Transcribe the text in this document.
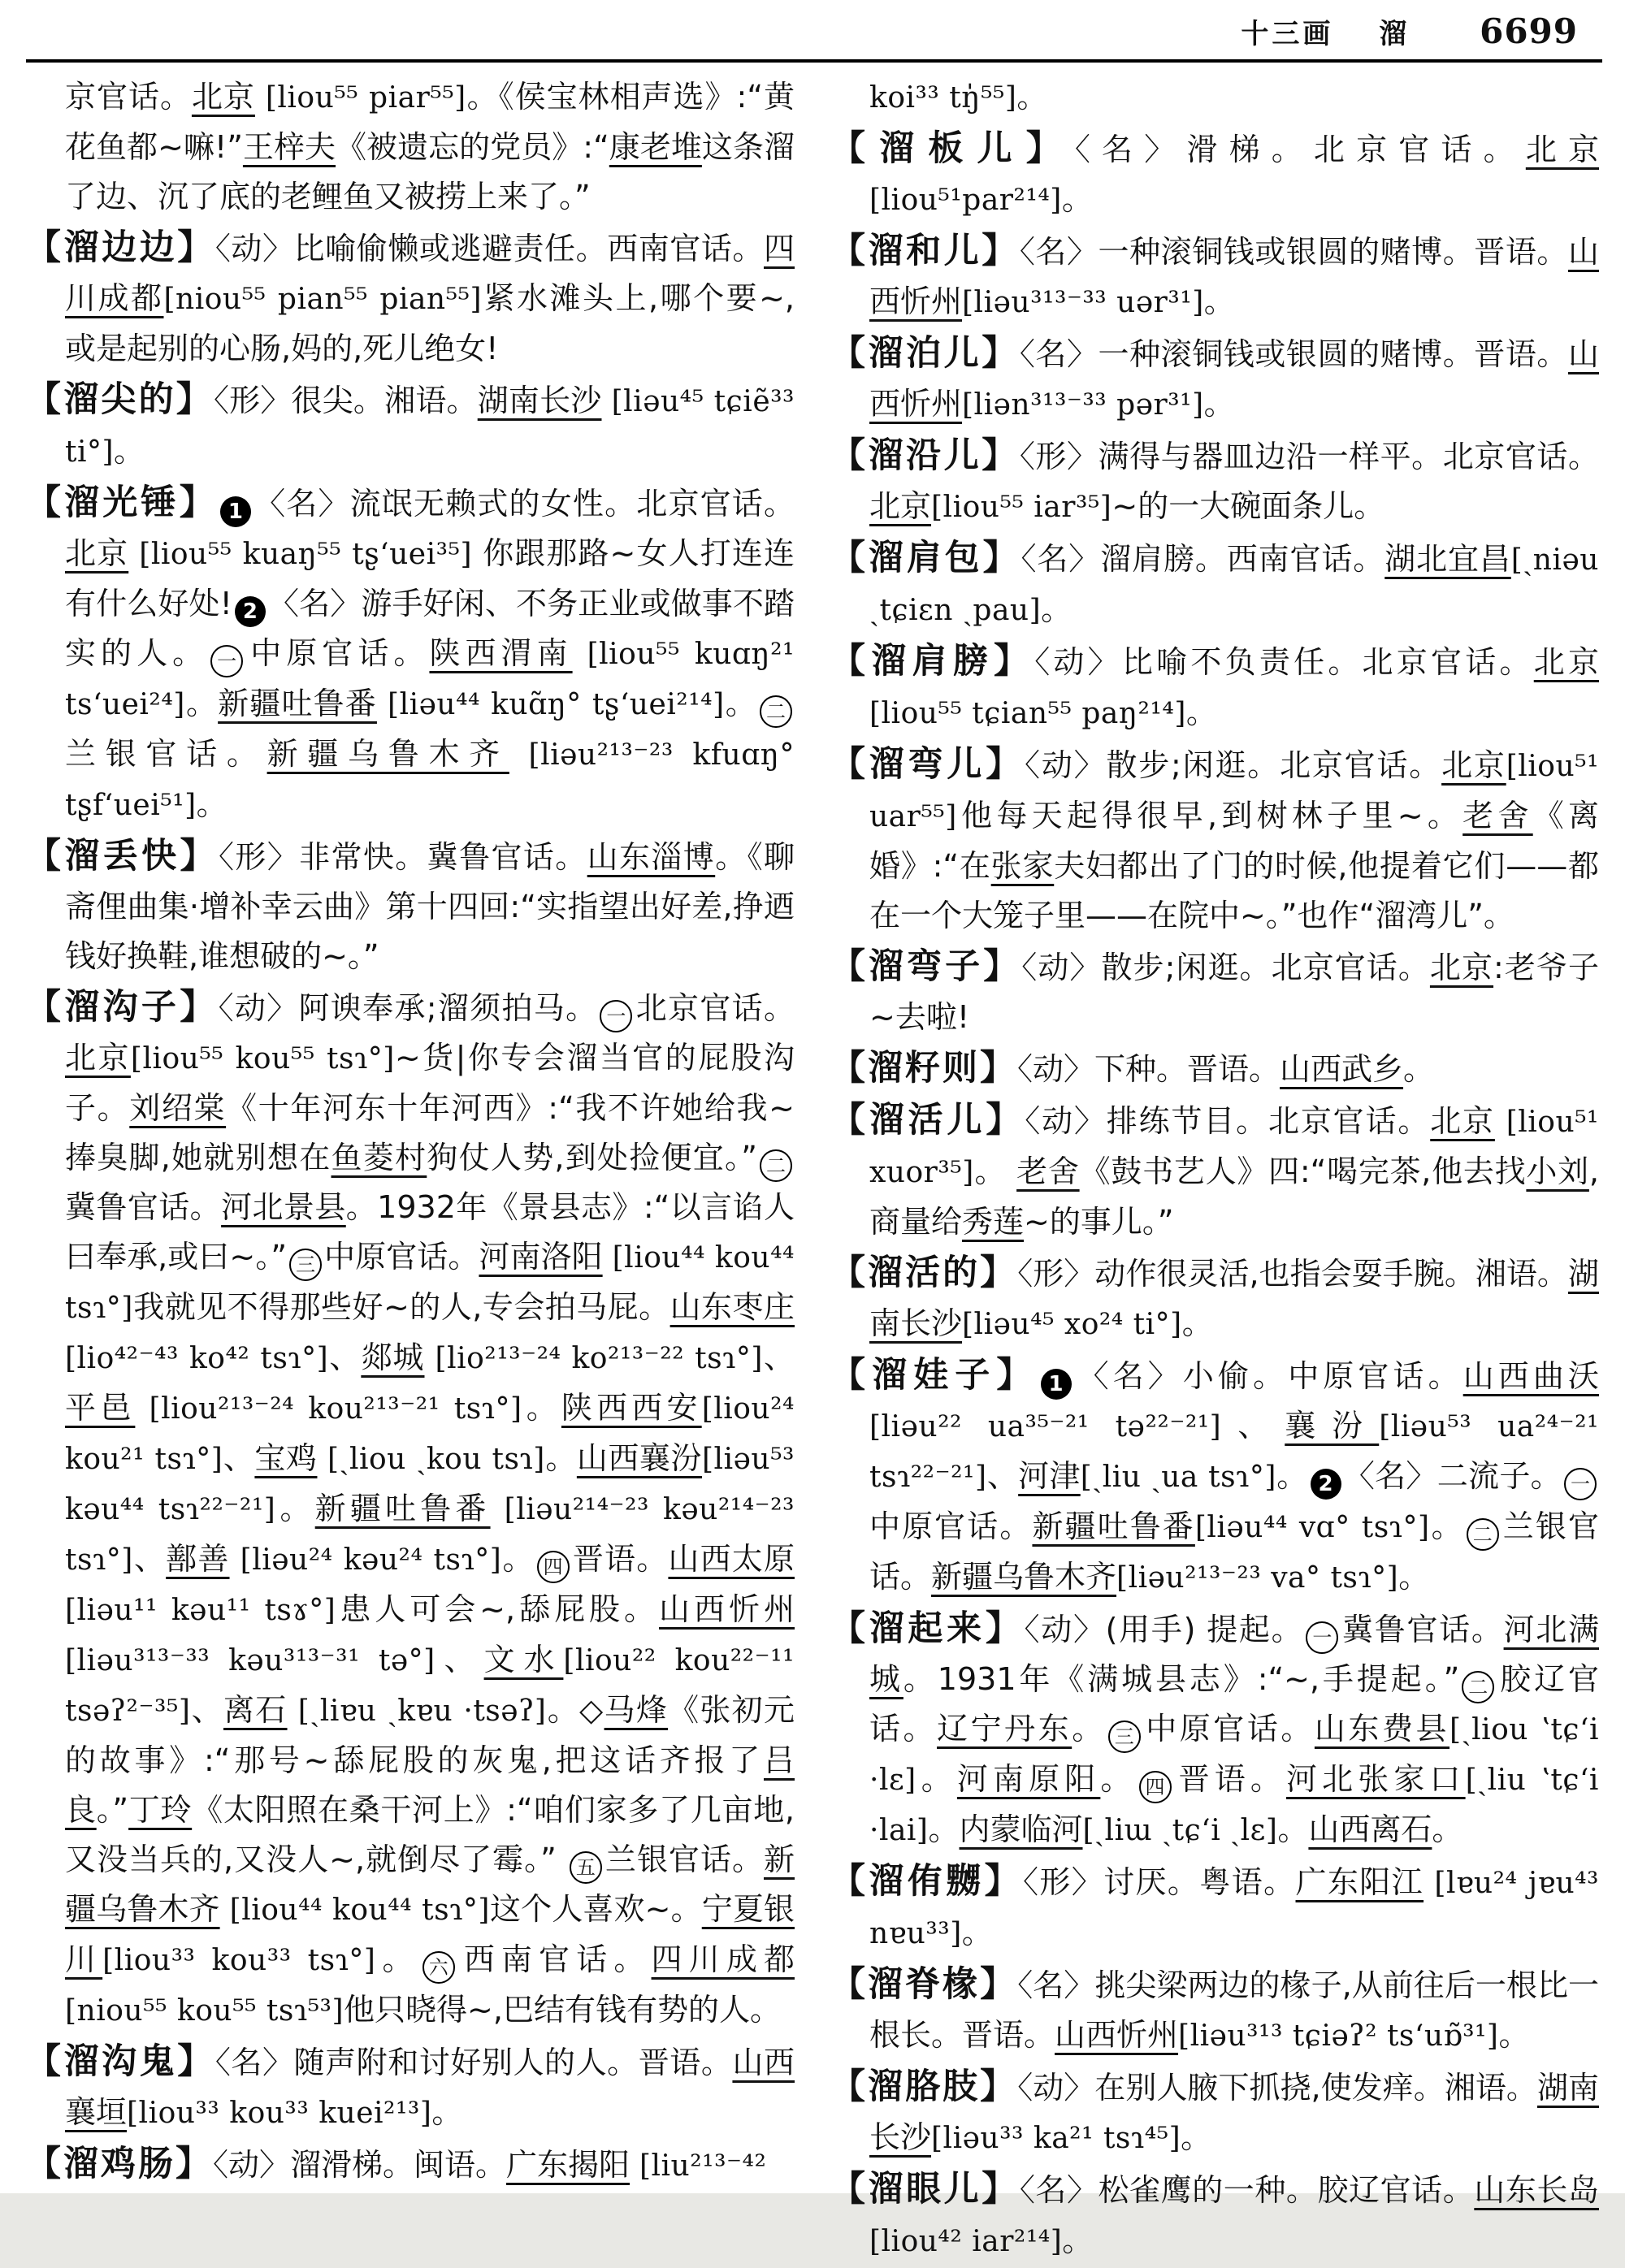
十三画 溜 6699

京官话。北京 [liou⁵⁵ piar⁵⁵]。《侯宝林相声选》:“黄花鱼都~嘛!”王梓夫《被遗忘的党员》:“康老堆这条溜了边、沉了底的老鲤鱼又被捞上来了。”

【溜边边】〈动〉比喻偷懒或逃避责任。西南官话。四川成都[niou⁵⁵ pian⁵⁵ pian⁵⁵]紧水滩头上,哪个要~,或是起别的心肠,妈的,死儿绝女!

【溜尖的】〈形〉很尖。湘语。湖南长沙 [liəu⁴⁵ tɕiẽ³³ ti°]。

【溜光锤】 1 〈名〉流氓无赖式的女性。北京官话。北京 [liou⁵⁵ kuaŋ⁵⁵ tʂ‘uei³⁵] 你跟那路~女人打连连有什么好处! 2 〈名〉游手好闲、不务正业或做事不踏实的人。 一 中原官话。陕西渭南 [liou⁵⁵ kuɑŋ²¹ ts‘uei²⁴]。新疆吐鲁番 [liəu⁴⁴ kuɑ̃ŋ° tʂ‘uei²¹⁴]。 二兰银官话。新疆乌鲁木齐 [liəu²¹³⁻²³ kfuɑŋ° tʂf‘uei⁵¹]。

【溜丢快】〈形〉非常快。冀鲁官话。山东淄博。《聊斋俚曲集·增补幸云曲》第十四回:“实指望出好差,挣迺钱好换鞋,谁想破的~。”

【溜沟子】〈动〉阿谀奉承;溜须拍马。 一 北京官话。北京[liou⁵⁵ kou⁵⁵ tsɿ°]~货|你专会溜当官的屁股沟子。刘绍棠《十年河东十年河西》:“我不许她给我~捧臭脚,她就别想在鱼菱村狗仗人势,到处捡便宜。” 二冀鲁官话。河北景县。1932年《景县志》:“以言谄人曰奉承,或曰~。” 三 中原官话。河南洛阳 [liou⁴⁴ kou⁴⁴ tsɿ°]我就见不得那些好~的人,专会拍马屁。山东枣庄 [lio⁴²⁻⁴³ ko⁴² tsɿ°]、郯城 [lio²¹³⁻²⁴ ko²¹³⁻²² tsɿ°]、平邑 [liou²¹³⁻²⁴ kou²¹³⁻²¹ tsɿ°]。陕西西安[liou²⁴ kou²¹ tsɿ°]、宝鸡 [ˏliou ˏkou tsɿ]。山西襄汾[liəu⁵³ kəu⁴⁴ tsɿ²²⁻²¹]。新疆吐鲁番 [liəu²¹⁴⁻²³ kəu²¹⁴⁻²³ tsɿ°]、鄯善 [liəu²⁴ kəu²⁴ tsɿ°]。 四 晋语。山西太原[liəu¹¹ kəu¹¹ tsɤ°]患人可会~,舔屁股。山西忻州 [liəu³¹³⁻³³ kəu³¹³⁻³¹ tə°]、文水[liou²² kou²²⁻¹¹ tsəʔ²⁻³⁵]、离石 [ˏliɐu ˏkɐu ·tsəʔ]。◇马烽《张初元的故事》:“那号~舔屁股的灰鬼,把这话齐报了吕良。”丁玲《太阳照在桑干河上》:“咱们家多了几亩地,又没当兵的,又没人~,就倒尽了霉。” 五 兰银官话。新疆乌鲁木齐 [liou⁴⁴ kou⁴⁴ tsɿ°]这个人喜欢~。宁夏银川[liou³³ kou³³ tsɿ°]。 六 西南官话。四川成都[niou⁵⁵ kou⁵⁵ tsɿ⁵³]他只晓得~,巴结有钱有势的人。

【溜沟鬼】〈名〉随声附和讨好别人的人。晋语。山西襄垣[liou³³ kou³³ kuei²¹³]。

【溜鸡肠】〈动〉溜滑梯。闽语。广东揭阳 [liu²¹³⁻⁴²

koi³³ tŋ̍⁵⁵]。

【溜板儿】〈名〉滑梯。北京官话。北京[liou⁵¹par²¹⁴]。

【溜和儿】〈名〉一种滚铜钱或银圆的赌博。晋语。山西忻州[liəu³¹³⁻³³ uər³¹]。

【溜泊儿】〈名〉一种滚铜钱或银圆的赌博。晋语。山西忻州[liən³¹³⁻³³ pər³¹]。

【溜沿儿】〈形〉满得与器皿边沿一样平。北京官话。北京[liou⁵⁵ iar³⁵]~的一大碗面条儿。

【溜肩包】〈名〉溜肩膀。西南官话。湖北宜昌[ˏniəu ˏtɕiɛn ˏpau]。

【溜肩膀】〈动〉比喻不负责任。北京官话。北京 [liou⁵⁵ tɕian⁵⁵ paŋ²¹⁴]。

【溜弯儿】〈动〉散步;闲逛。北京官话。北京[liou⁵¹ uar⁵⁵]他每天起得很早,到树林子里~。老舍《离婚》:“在张家夫妇都出了门的时候,他提着它们——都在一个大笼子里——在院中~。”也作“溜湾儿”。

【溜弯子】〈动〉散步;闲逛。北京官话。北京:老爷子~去啦!

【溜籽则】〈动〉下种。晋语。山西武乡。

【溜活儿】〈动〉排练节目。北京官话。北京 [liou⁵¹ xuor³⁵]。 老舍《鼓书艺人》四:“喝完茶,他去找小刘,商量给秀莲~的事儿。”

【溜活的】〈形〉动作很灵活,也指会耍手腕。湘语。湖南长沙[liəu⁴⁵ xo²⁴ ti°]。

【溜娃子】 1 〈名〉小偷。中原官话。山西曲沃[liəu²² ua³⁵⁻²¹ tə²²⁻²¹]、襄汾[liəu⁵³ ua²⁴⁻²¹ tsɿ²²⁻²¹]、河津[ˏliu ˏua tsɿ°]。 2 〈名〉二流子。 一中原官话。新疆吐鲁番[liəu⁴⁴ vɑ° tsɿ°]。 二 兰银官话。新疆乌鲁木齐[liəu²¹³⁻²³ va° tsɿ°]。

【溜起来】〈动〉(用手) 提起。 一 冀鲁官话。河北满城。1931年《满城县志》:“~,手提起。” 二 胶辽官话。辽宁丹东。 三 中原官话。山东费县[ˏliou ʽtɕ‘i ·lɛ]。河南原阳。 四 晋语。河北张家口[ˏliu ʽtɕ‘i ·lai]。内蒙临河[ˏliɯ ˏtɕ‘i ˏlɛ]。山西离石。

【溜侑嬲】〈形〉讨厌。粤语。广东阳江 [lɐu²⁴ jɐu⁴³ nɐu³³]。

【溜脊椽】〈名〉挑尖梁两边的椽子,从前往后一根比一根长。晋语。山西忻州[liəu³¹³ tɕiəʔ² ts‘uɒ̃³¹]。

【溜胳肢】〈动〉在别人腋下抓挠,使发痒。湘语。湖南长沙[liəu³³ ka²¹ tsɿ⁴⁵]。

【溜眼儿】〈名〉松雀鹰的一种。胶辽官话。山东长岛 [liou⁴² iar²¹⁴]。
